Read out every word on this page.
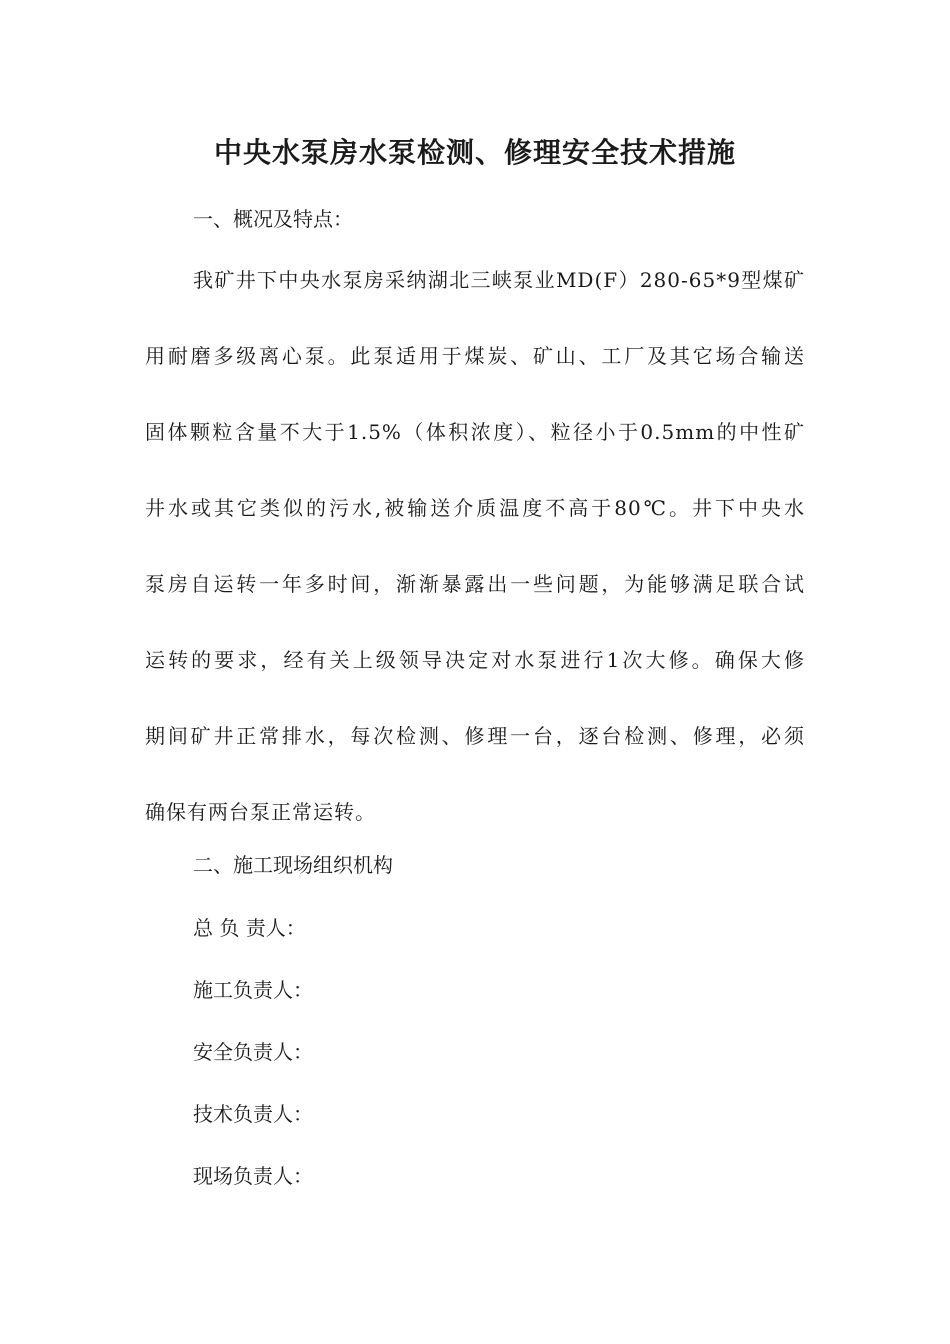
中央水泵房水泵检测、修理安全技术措施

一、概况及特点：

我矿井下中央水泵房采纳湖北三峡泵业MD(F）280-65*9型煤矿
用耐磨多级离心泵。此泵适用于煤炭、矿山、工厂及其它场合输送
固体颗粒含量不大于1.5%（体积浓度）、粒径小于0.5mm的中性矿
井水或其它类似的污水,被输送介质温度不高于80℃。井下中央水
泵房自运转一年多时间，渐渐暴露出一些问题，为能够满足联合试
运转的要求，经有关上级领导决定对水泵进行1次大修。确保大修
期间矿井正常排水，每次检测、修理一台，逐台检测、修理，必须
确保有两台泵正常运转。

二、施工现场组织机构

总 负 责人：

施工负责人：

安全负责人：

技术负责人：

现场负责人：
